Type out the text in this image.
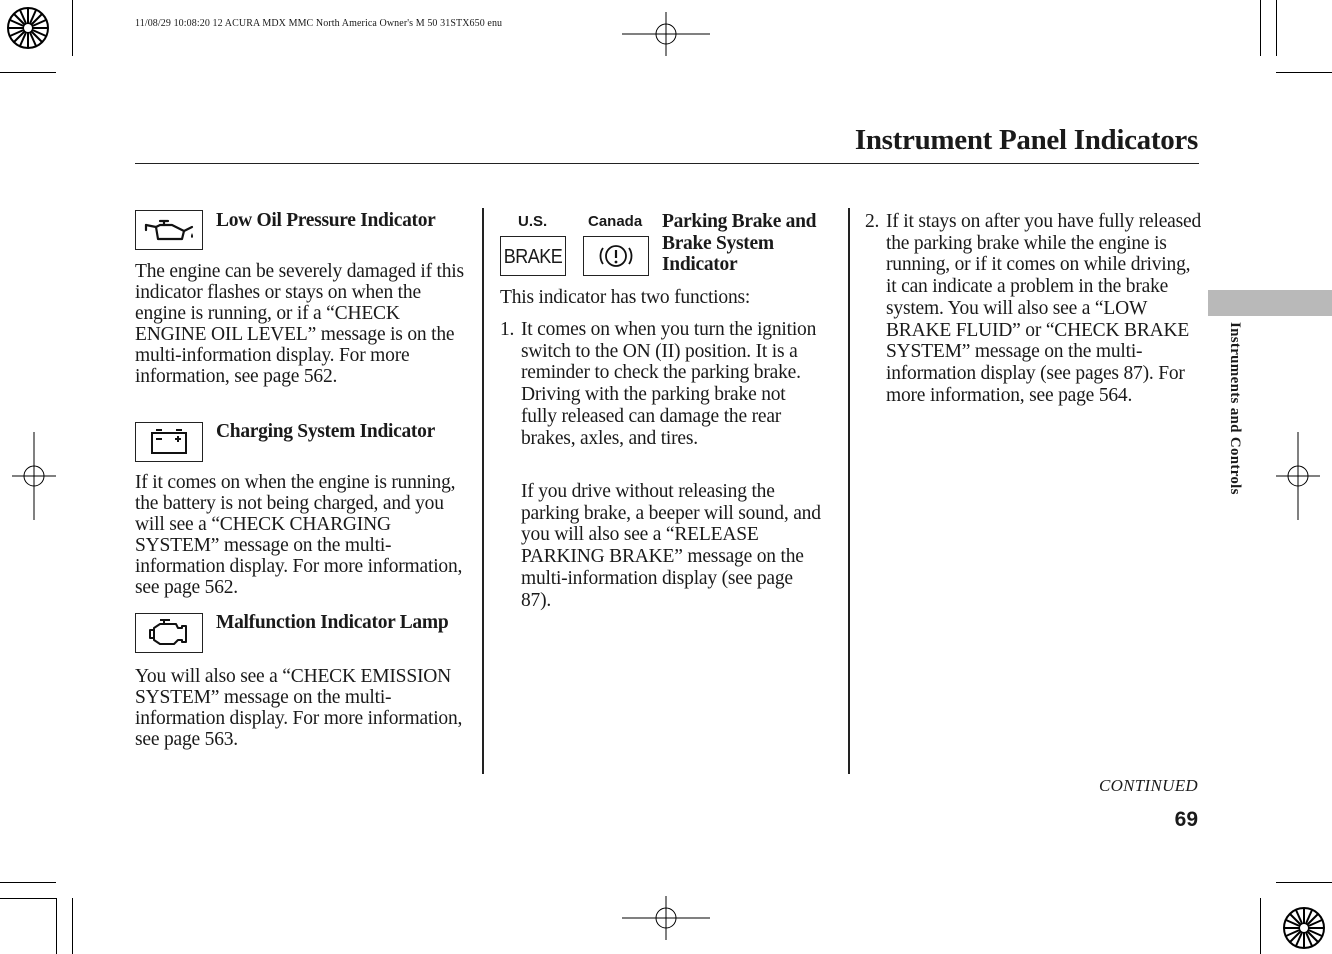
11/08/29 10:08:20 12 ACURA MDX MMC North America Owner's M 50 31STX650 enu
Instrument Panel Indicators
Instruments and Controls
Low Oil Pressure Indicator

The engine can be severely damaged if this indicator flashes or stays on when the engine is running, or if a “CHECK ENGINE OIL LEVEL” message is on the multi-information display. For more information, see page 562.

Charging System Indicator

If it comes on when the engine is running, the battery is not being charged, and you will see a “CHECK CHARGING SYSTEM” message on the multi-information display. For more information, see page 562.

Malfunction Indicator Lamp

You will also see a “CHECK EMISSION SYSTEM” message on the multi-information display. For more information, see page 563.

U.S.	Canada
BRAKE
Parking Brake and Brake System Indicator

This indicator has two functions:

1. It comes on when you turn the ignition switch to the ON (II) position. It is a reminder to check the parking brake. Driving with the parking brake not fully released can damage the rear brakes, axles, and tires.

If you drive without releasing the parking brake, a beeper will sound, and you will also see a “RELEASE PARKING BRAKE” message on the multi-information display (see page 87).

2. If it stays on after you have fully released the parking brake while the engine is running, or if it comes on while driving, it can indicate a problem in the brake system. You will also see a “LOW BRAKE FLUID” or “CHECK BRAKE SYSTEM” message on the multi-information display (see pages 87). For more information, see page 564.

CONTINUED
69
